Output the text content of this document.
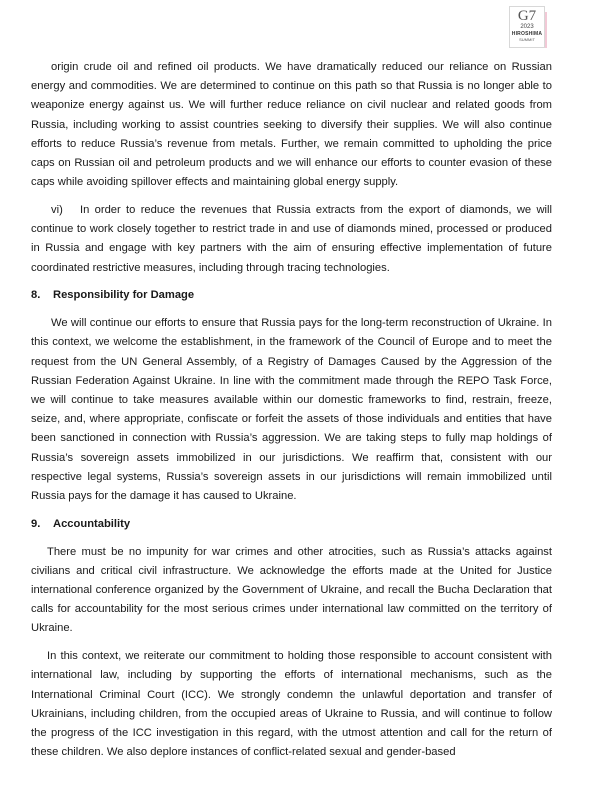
G7
2023
HIROSHIMA
SUMMIT

origin crude oil and refined oil products. We have dramatically reduced our reliance on Russian energy and commodities. We are determined to continue on this path so that Russia is no longer able to weaponize energy against us. We will further reduce reliance on civil nuclear and related goods from Russia, including working to assist countries seeking to diversify their supplies. We will also continue efforts to reduce Russia’s revenue from metals. Further, we remain committed to upholding the price caps on Russian oil and petroleum products and we will enhance our efforts to counter evasion of these caps while avoiding spillover effects and maintaining global energy supply.

vi) In order to reduce the revenues that Russia extracts from the export of diamonds, we will continue to work closely together to restrict trade in and use of diamonds mined, processed or produced in Russia and engage with key partners with the aim of ensuring effective implementation of future coordinated restrictive measures, including through tracing technologies.

8. Responsibility for Damage

We will continue our efforts to ensure that Russia pays for the long-term reconstruction of Ukraine. In this context, we welcome the establishment, in the framework of the Council of Europe and to meet the request from the UN General Assembly, of a Registry of Damages Caused by the Aggression of the Russian Federation Against Ukraine. In line with the commitment made through the REPO Task Force, we will continue to take measures available within our domestic frameworks to find, restrain, freeze, seize, and, where appropriate, confiscate or forfeit the assets of those individuals and entities that have been sanctioned in connection with Russia’s aggression. We are taking steps to fully map holdings of Russia’s sovereign assets immobilized in our jurisdictions. We reaffirm that, consistent with our respective legal systems, Russia’s sovereign assets in our jurisdictions will remain immobilized until Russia pays for the damage it has caused to Ukraine.

9. Accountability

There must be no impunity for war crimes and other atrocities, such as Russia’s attacks against civilians and critical civil infrastructure. We acknowledge the efforts made at the United for Justice international conference organized by the Government of Ukraine, and recall the Bucha Declaration that calls for accountability for the most serious crimes under international law committed on the territory of Ukraine.

In this context, we reiterate our commitment to holding those responsible to account consistent with international law, including by supporting the efforts of international mechanisms, such as the International Criminal Court (ICC). We strongly condemn the unlawful deportation and transfer of Ukrainians, including children, from the occupied areas of Ukraine to Russia, and will continue to follow the progress of the ICC investigation in this regard, with the utmost attention and call for the return of these children. We also deplore instances of conflict-related sexual and gender-based
